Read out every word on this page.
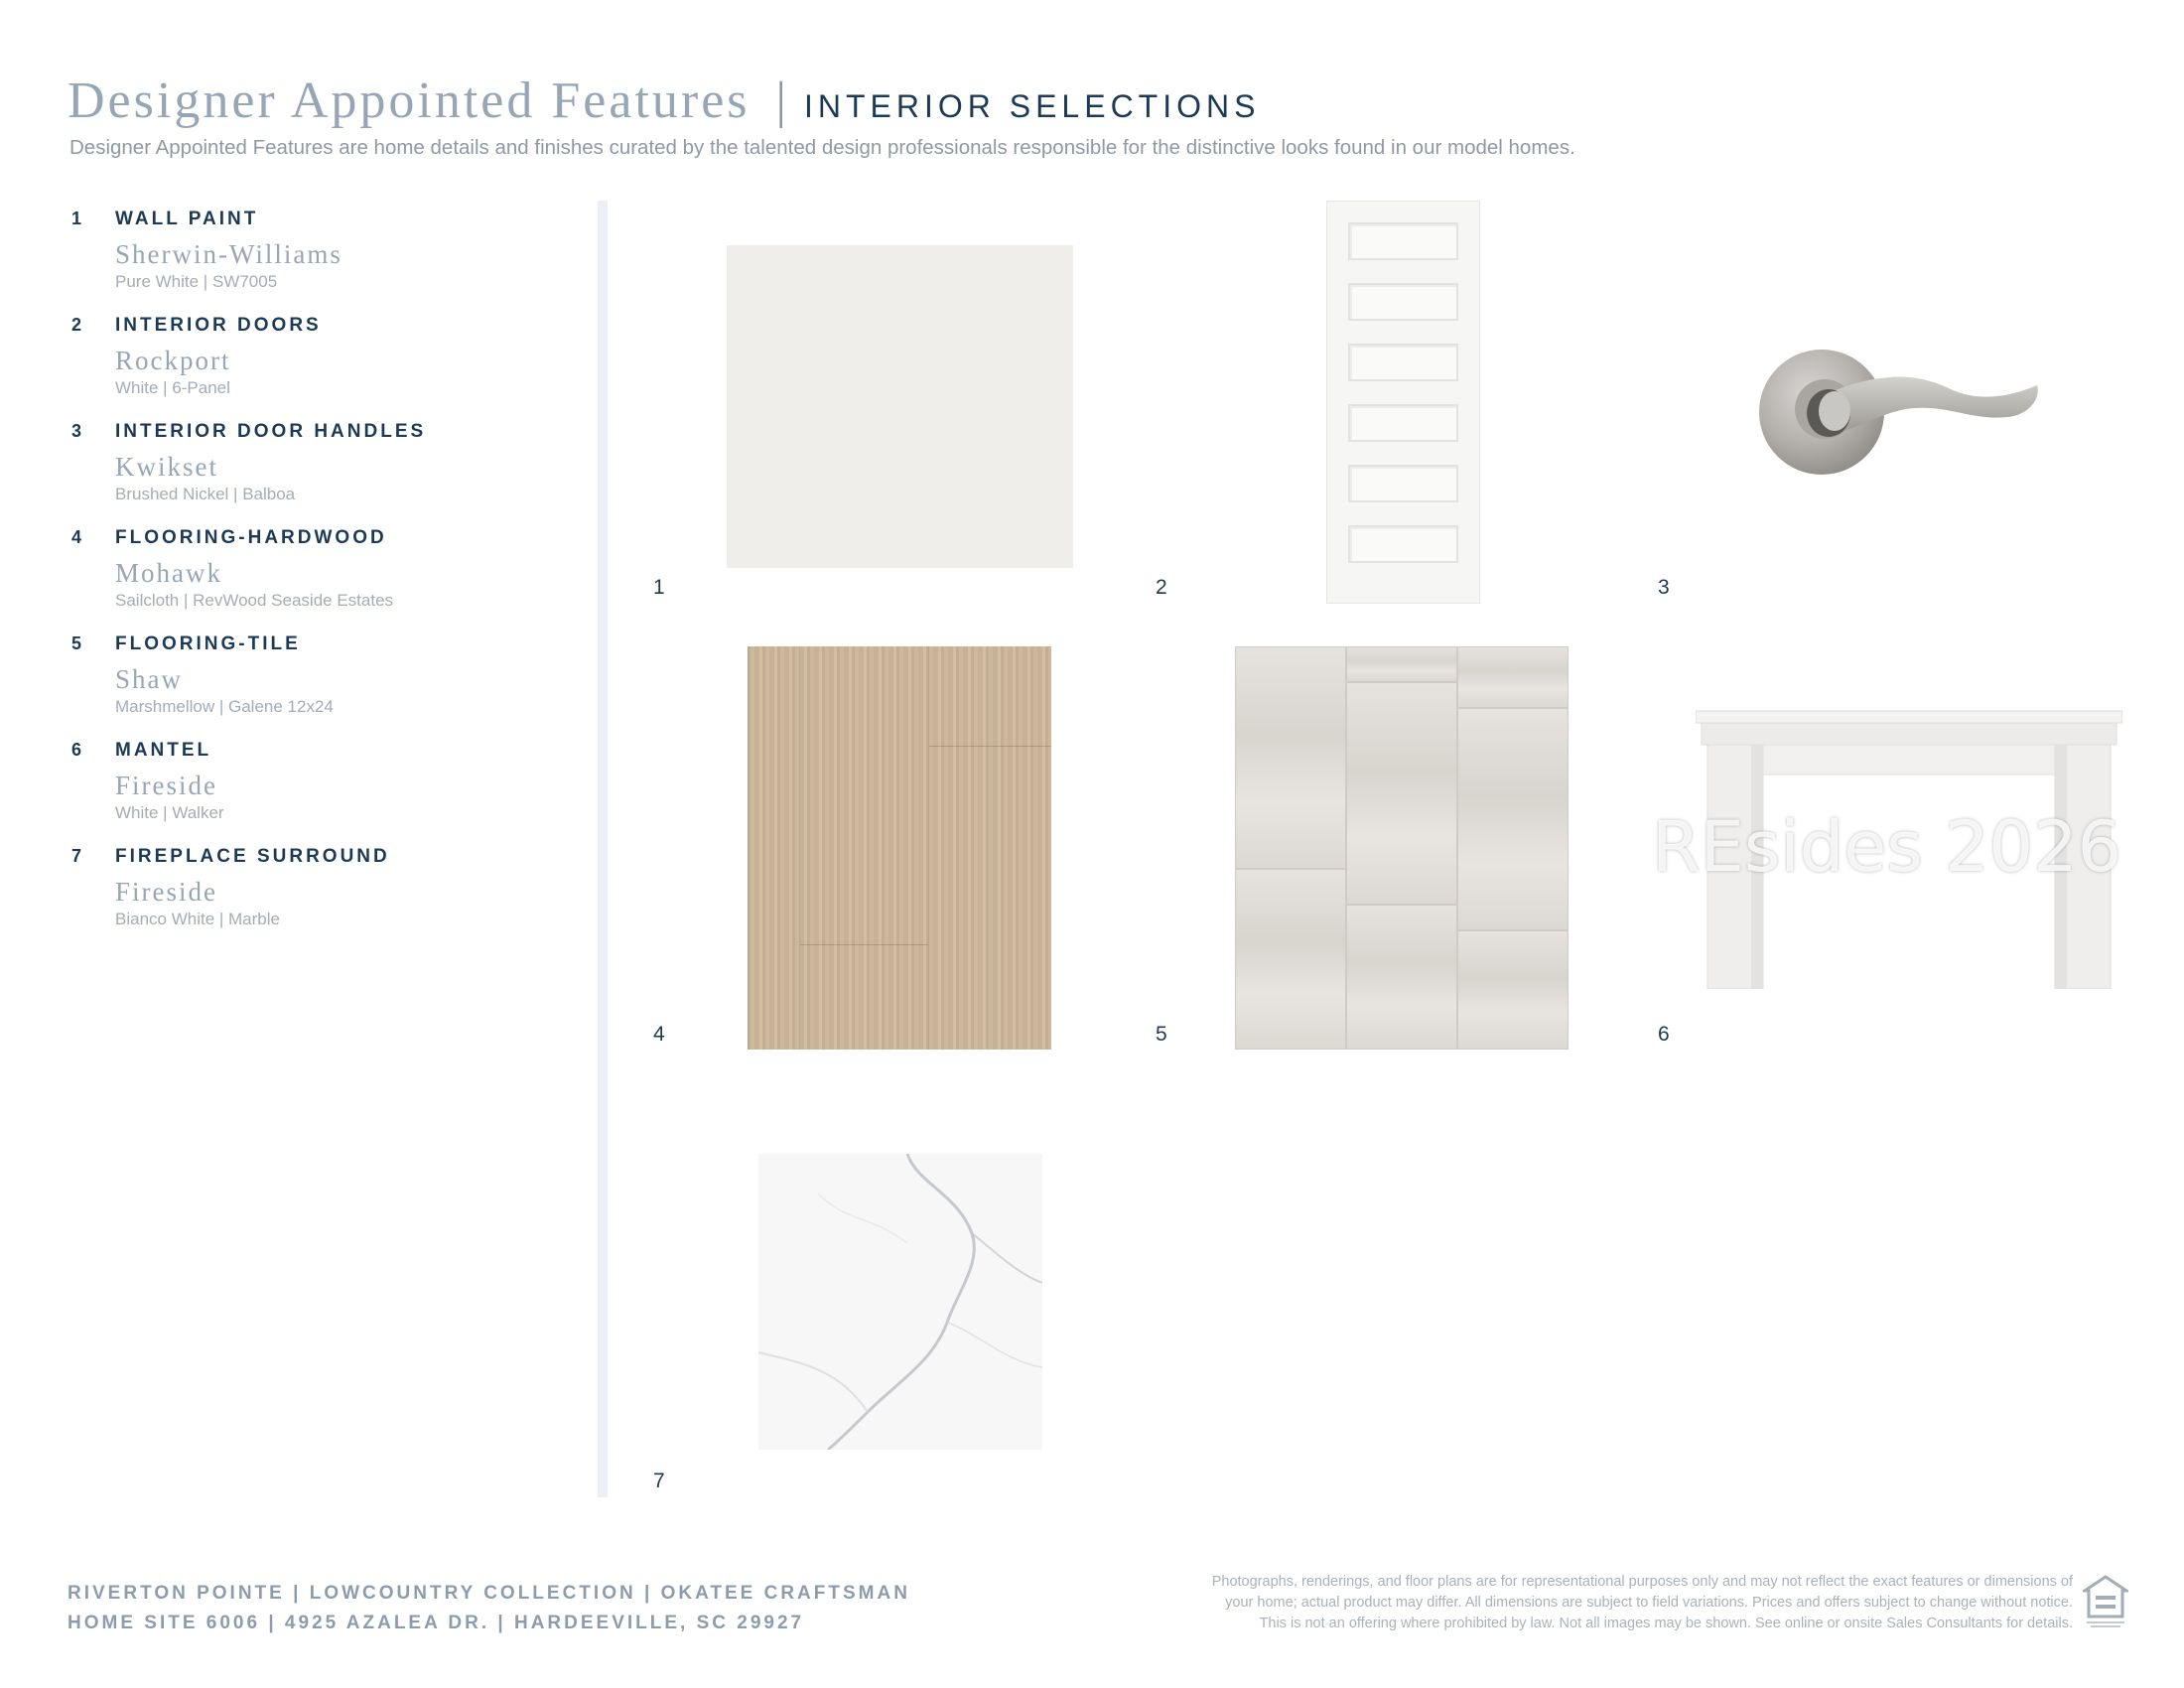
Designer Appointed Features | INTERIOR SELECTIONS
Designer Appointed Features are home details and finishes curated by the talented design professionals responsible for the distinctive looks found in our model homes.
1 WALL PAINT
Sherwin-Williams
Pure White | SW7005
2 INTERIOR DOORS
Rockport
White | 6-Panel
3 INTERIOR DOOR HANDLES
Kwikset
Brushed Nickel | Balboa
4 FLOORING-HARDWOOD
Mohawk
Sailcloth | RevWood Seaside Estates
5 FLOORING-TILE
Shaw
Marshmellow | Galene 12x24
6 MANTEL
Fireside
White | Walker
7 FIREPLACE SURROUND
Fireside
Bianco White | Marble
1	2	3
4	5	6
7
REsides 2026
RIVERTON POINTE | LOWCOUNTRY COLLECTION | OKATEE CRAFTSMAN
HOME SITE 6006 | 4925 AZALEA DR. | HARDEEVILLE, SC 29927
Photographs, renderings, and floor plans are for representational purposes only and may not reflect the exact features or dimensions of
your home; actual product may differ. All dimensions are subject to field variations. Prices and offers subject to change without notice.
This is not an offering where prohibited by law. Not all images may be shown. See online or onsite Sales Consultants for details.
